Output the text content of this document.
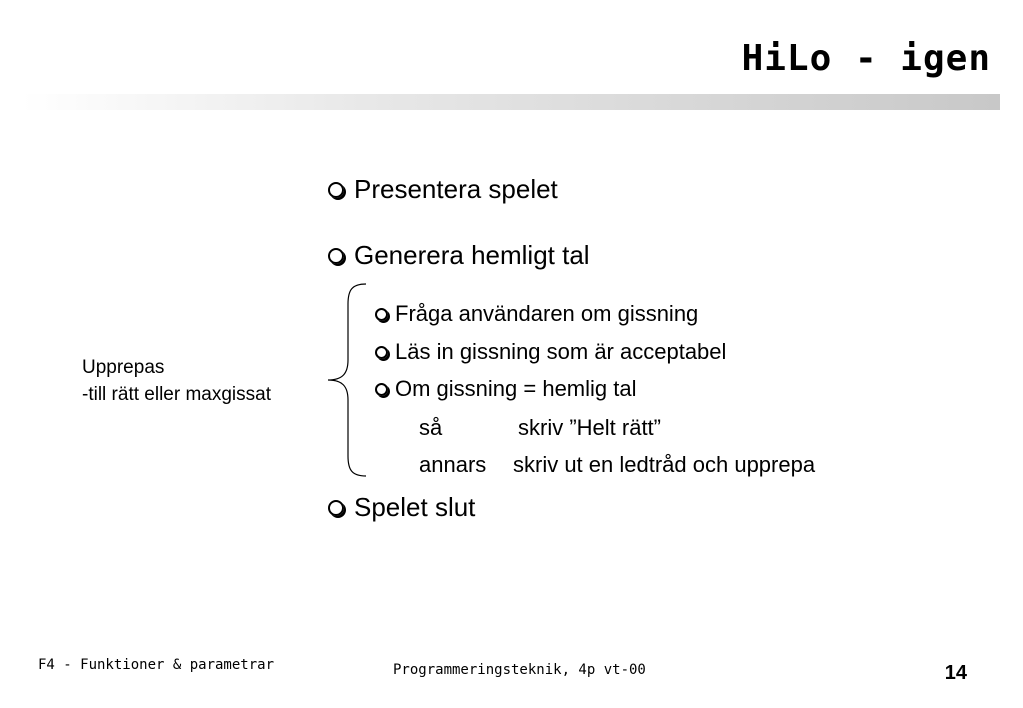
HiLo - igen
Presentera spelet
Generera hemligt tal
Fråga användaren om gissning
Läs in gissning som är acceptabel
Om gissning = hemlig tal
så	skriv ”Helt rätt”
annars skriv ut en ledtråd och upprepa
Spelet slut
Upprepas
-till rätt eller maxgissat
F4 - Funktioner & parametrar	Programmeringsteknik, 4p vt-00	14
